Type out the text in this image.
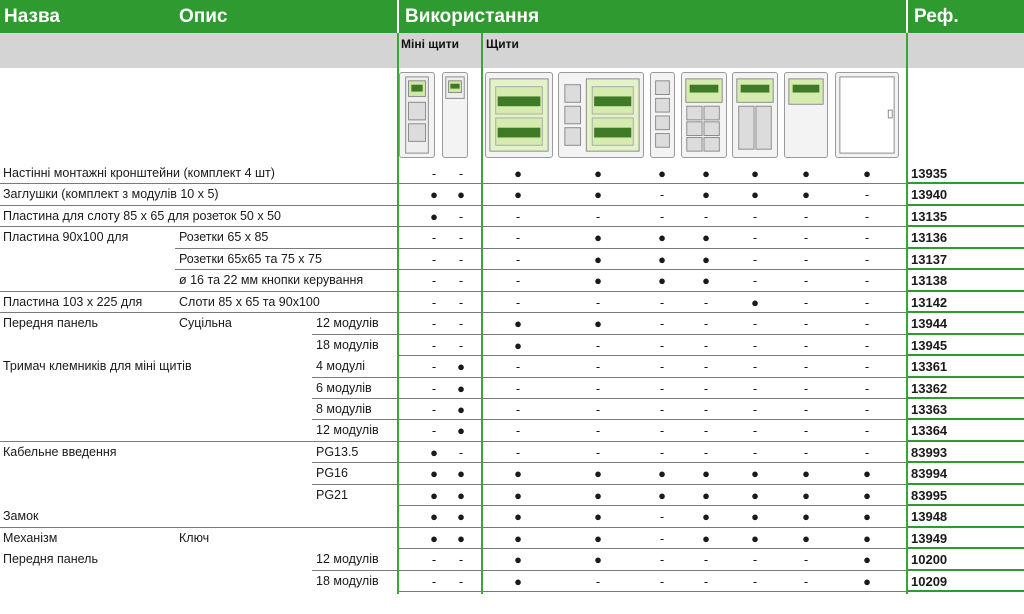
Назва	Опис	Використання	Реф.
Міні щити Щити
Настінні монтажні кронштейни (комплект 4 шт)	-	-	●	●	●	●	●	●	●	13935
Заглушки (комплект з модулів 10 x 5)	●	●	●	●	-	●	●	●	-	13940
Пластина для слоту 85 x 65 для розеток 50 x 50	●	-	-	-	-	-	-	-	-	13135
Пластина 90x100 для	Розетки 65 x 85	-	-	-	●	●	●	-	-	-	13136
Розетки 65x65 та 75 x 75	-	-	-	●	●	●	-	-	-	13137
ø 16 та 22 мм кнопки керування	-	-	-	●	●	●	-	-	-	13138
Пластина 103 x 225 для	Слоти 85 x 65 та 90x100	-	-	-	-	-	-	●	-	-	13142
Передня панель	Суцільна	12 модулів	-	-	●	●	-	-	-	-	-	13944
18 модулів	-	-	●	-	-	-	-	-	-	13945
Тримач клемників для міні щитів	4 модулі	-	●	-	-	-	-	-	-	-	13361
6 модулів	-	●	-	-	-	-	-	-	-	13362
8 модулів	-	●	-	-	-	-	-	-	-	13363
12 модулів	-	●	-	-	-	-	-	-	-	13364
Кабельне введення	PG13.5	●	-	-	-	-	-	-	-	-	83993
PG16	●	●	●	●	●	●	●	●	●	83994
PG21	●	●	●	●	●	●	●	●	●	83995
Замок	●	●	●	●	-	●	●	●	●	13948
Механізм	Ключ	●	●	●	●	-	●	●	●	●	13949
Передня панель	12 модулів	-	-	●	●	-	-	-	-	●	10200
18 модулів	-	-	●	-	-	-	-	-	●	10209
